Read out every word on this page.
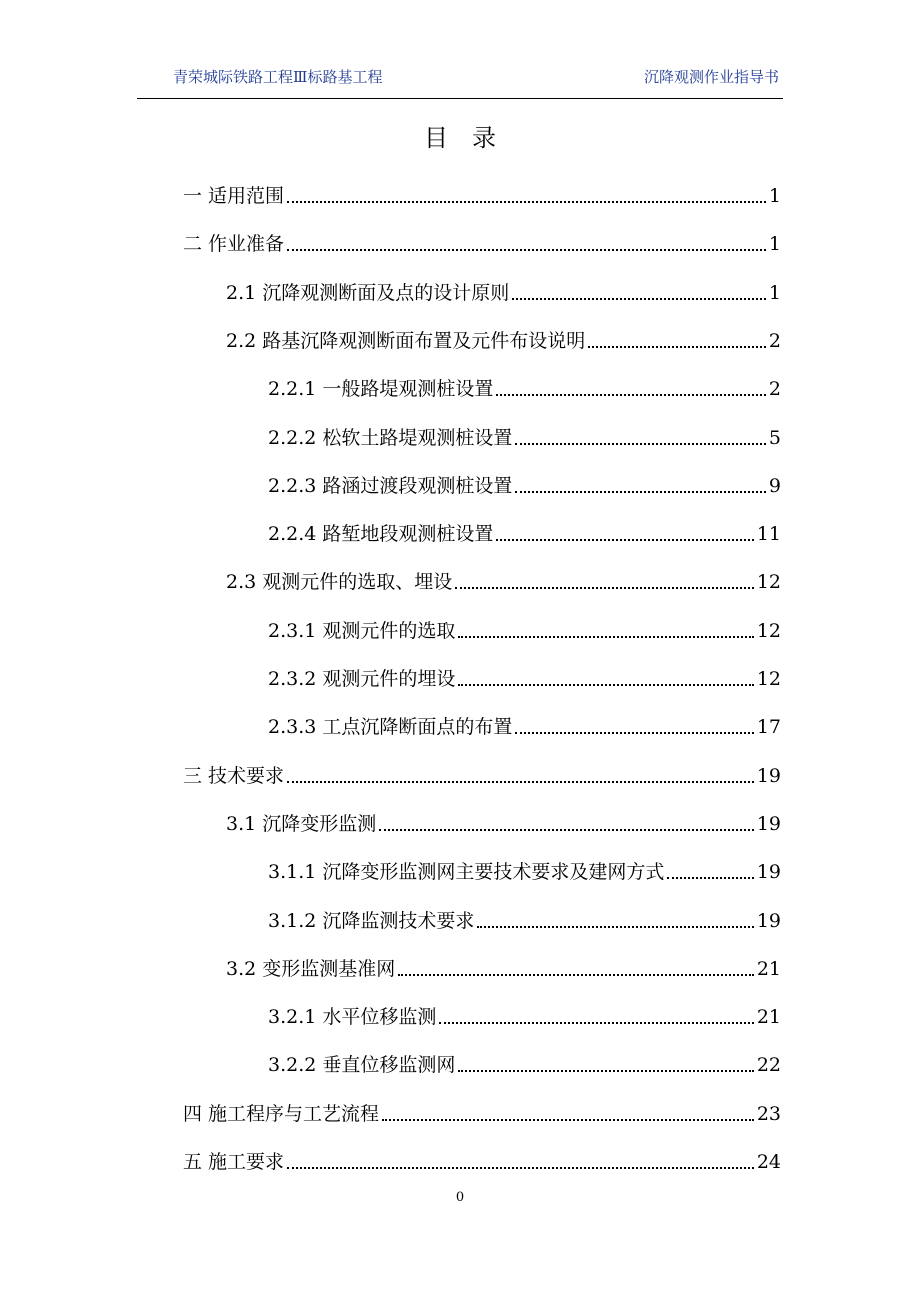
青荣城际铁路工程Ⅲ标路基工程	沉降观测作业指导书
目　录
一 适用范围	1
二 作业准备	1
2.1 沉降观测断面及点的设计原则	1
2.2 路基沉降观测断面布置及元件布设说明	2
2.2.1 一般路堤观测桩设置	2
2.2.2 松软土路堤观测桩设置	5
2.2.3 路涵过渡段观测桩设置	9
2.2.4 路堑地段观测桩设置	11
2.3 观测元件的选取、埋设	12
2.3.1 观测元件的选取	12
2.3.2 观测元件的埋设	12
2.3.3 工点沉降断面点的布置	17
三 技术要求	19
3.1 沉降变形监测	19
3.1.1 沉降变形监测网主要技术要求及建网方式	19
3.1.2 沉降监测技术要求	19
3.2 变形监测基准网	21
3.2.1 水平位移监测	21
3.2.2 垂直位移监测网	22
四 施工程序与工艺流程	23
五 施工要求	24
0
